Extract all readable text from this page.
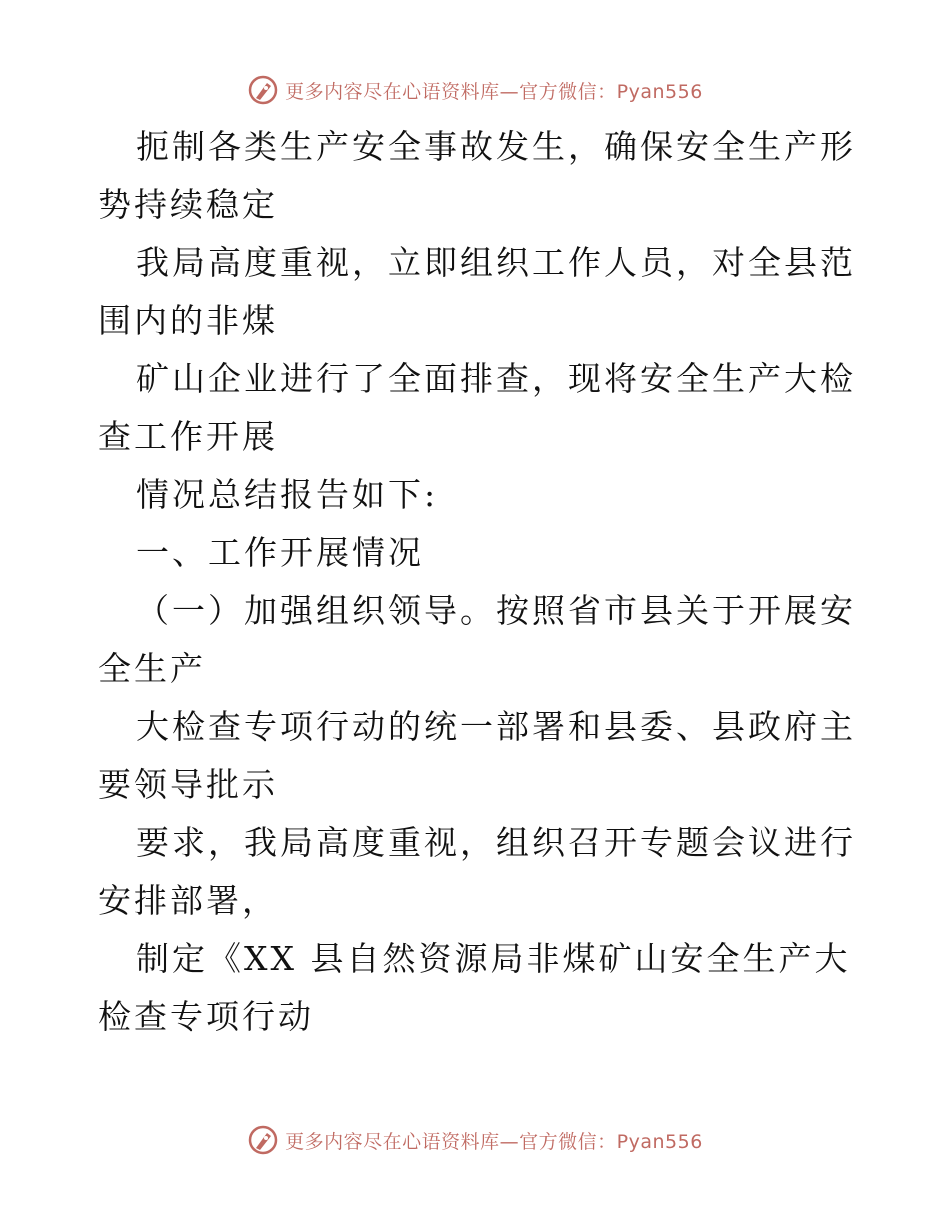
更多内容尽在心语资料库—官方微信：Pyan556

扼制各类生产安全事故发生，确保安全生产形势持续稳定

我局高度重视，立即组织工作人员，对全县范围内的非煤

矿山企业进行了全面排查，现将安全生产大检查工作开展

情况总结报告如下:

一、工作开展情况

（一）加强组织领导。按照省市县关于开展安全生产

大检查专项行动的统一部署和县委、县政府主要领导批示

要求，我局高度重视，组织召开专题会议进行安排部署，

制定《XX 县自然资源局非煤矿山安全生产大检查专项行动

更多内容尽在心语资料库—官方微信：Pyan556
